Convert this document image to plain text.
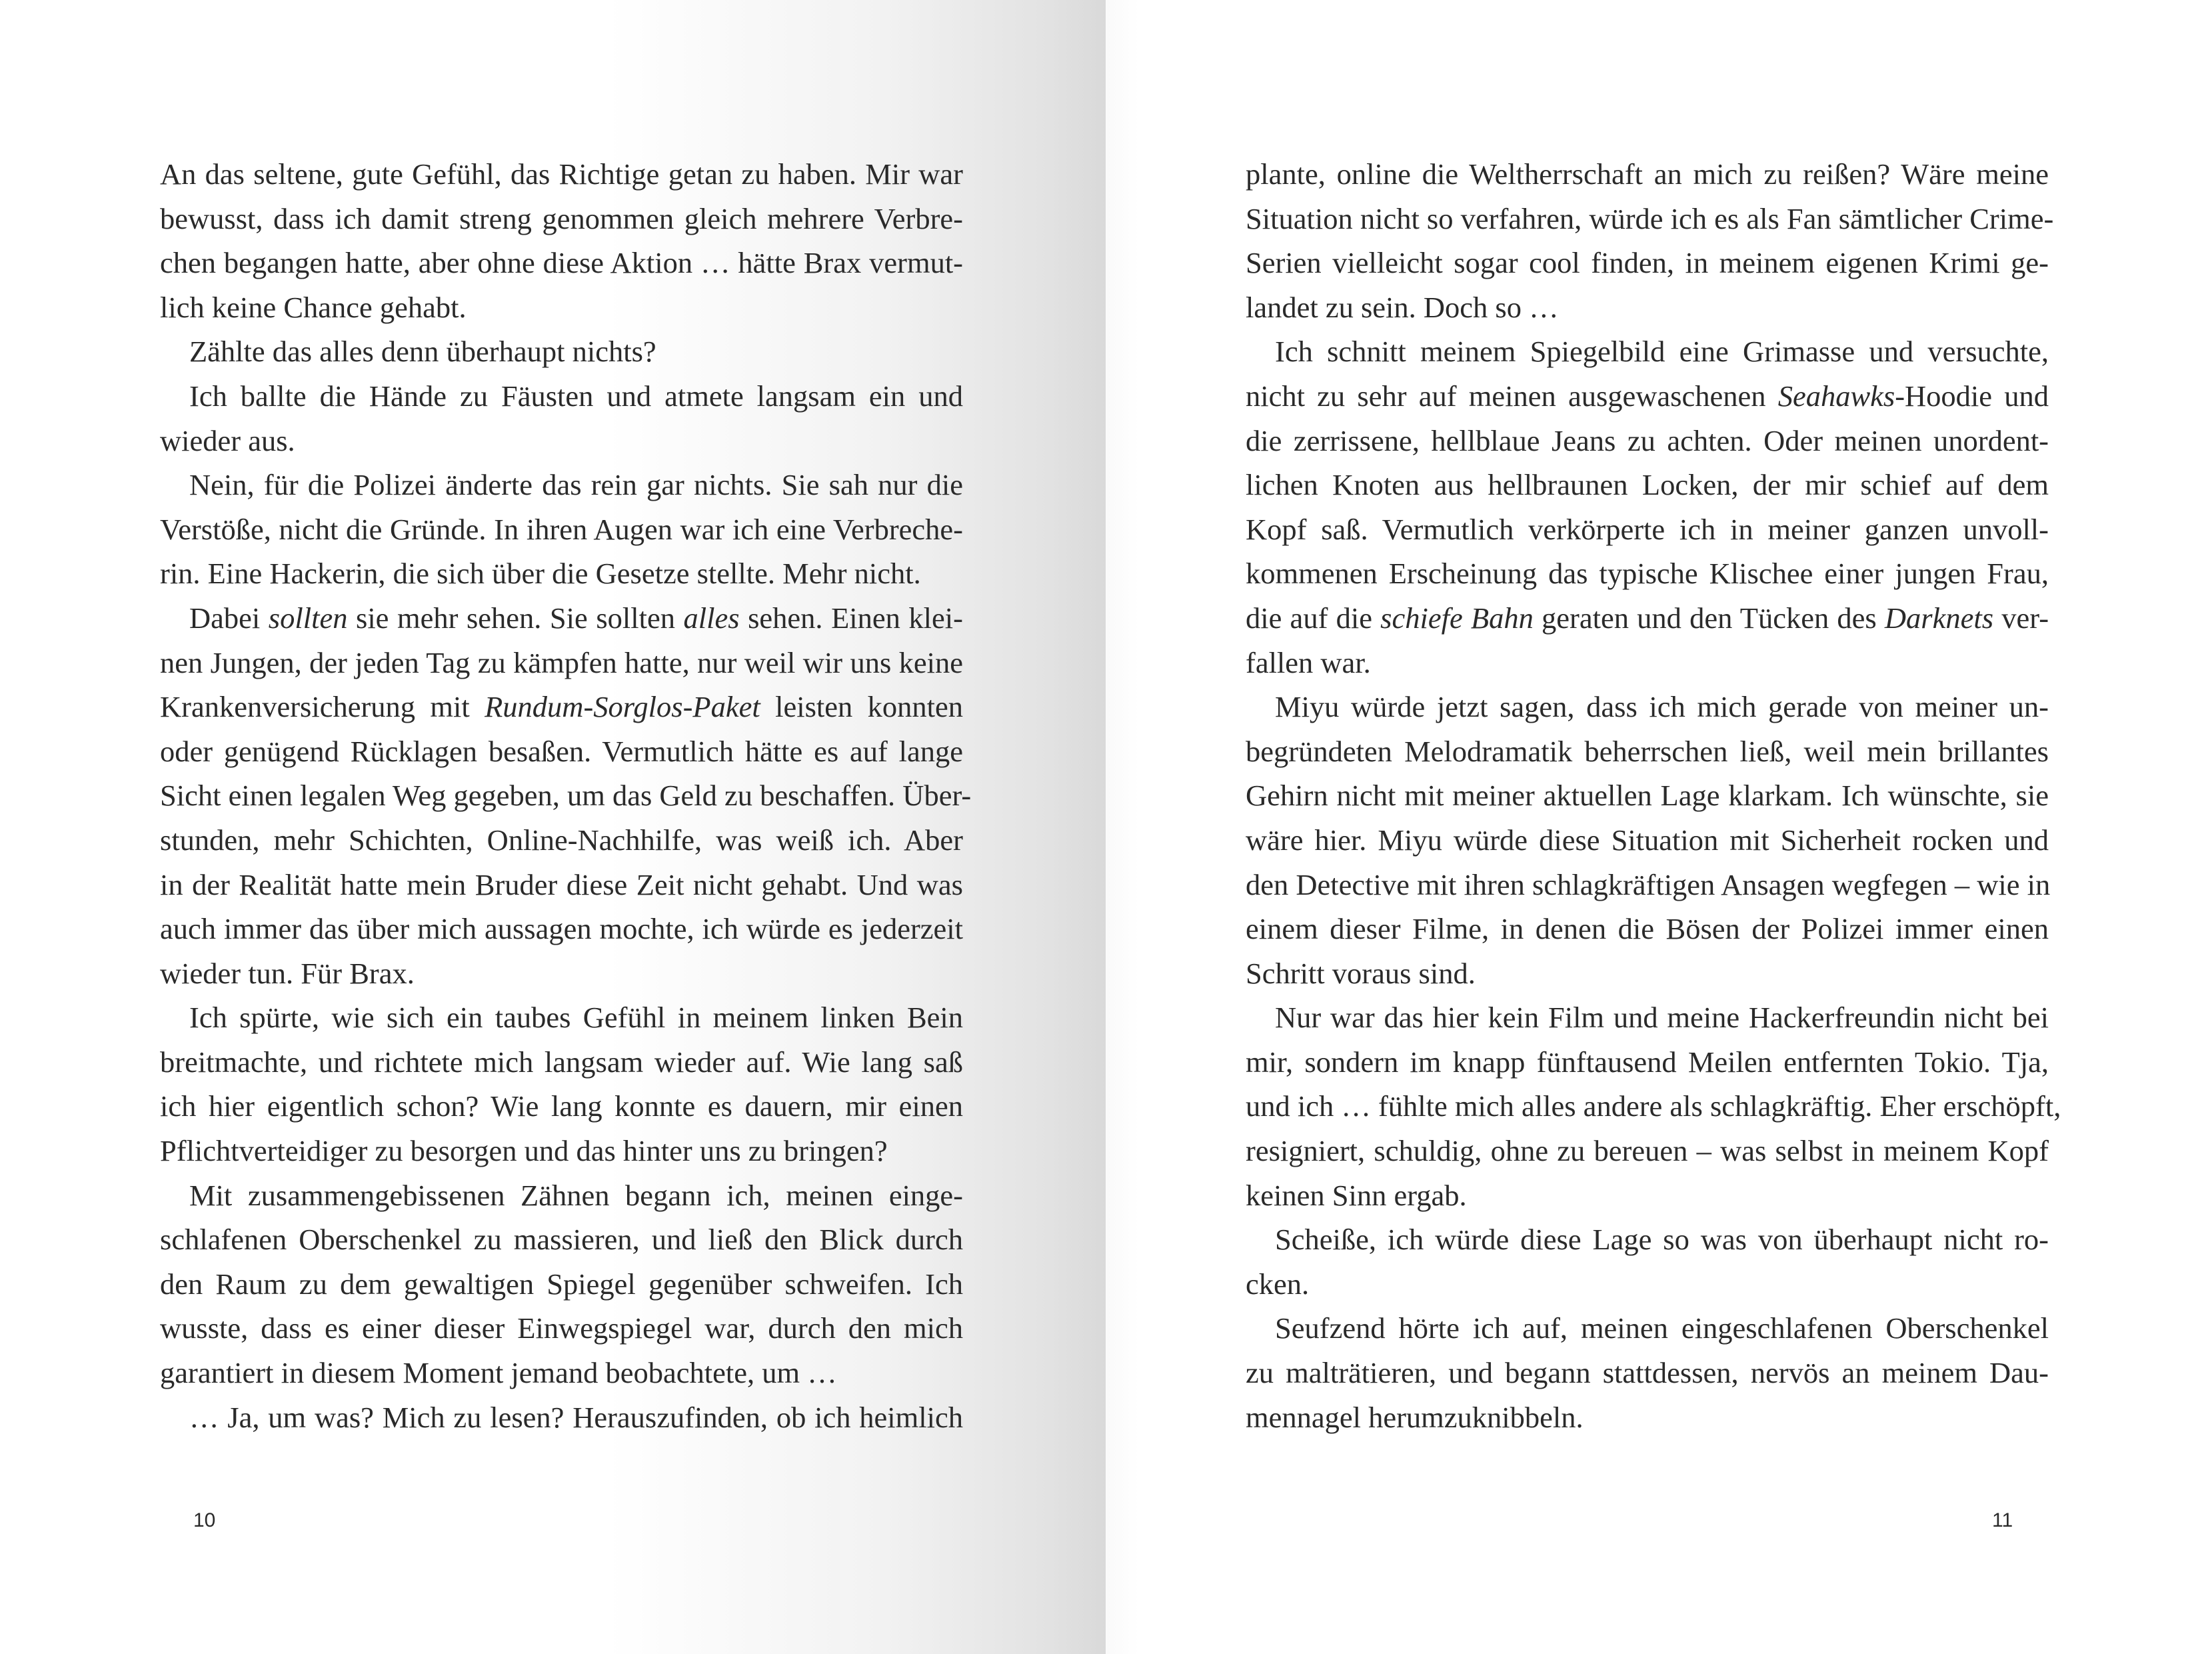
An das seltene, gute Gefühl, das Richtige getan zu haben. Mir war
bewusst, dass ich damit streng genommen gleich mehrere Verbre-
chen begangen hatte, aber ohne diese Aktion … hätte Brax vermut-
lich keine Chance gehabt.
Zählte das alles denn überhaupt nichts?
Ich ballte die Hände zu Fäusten und atmete langsam ein und
wieder aus.
Nein, für die Polizei änderte das rein gar nichts. Sie sah nur die
Verstöße, nicht die Gründe. In ihren Augen war ich eine Verbreche-
rin. Eine Hackerin, die sich über die Gesetze stellte. Mehr nicht.
Dabei sollten sie mehr sehen. Sie sollten alles sehen. Einen klei-
nen Jungen, der jeden Tag zu kämpfen hatte, nur weil wir uns keine
Krankenversicherung mit Rundum-Sorglos-Paket leisten konnten
oder genügend Rücklagen besaßen. Vermutlich hätte es auf lange
Sicht einen legalen Weg gegeben, um das Geld zu beschaffen. Über-
stunden, mehr Schichten, Online-Nachhilfe, was weiß ich. Aber
in der Realität hatte mein Bruder diese Zeit nicht gehabt. Und was
auch immer das über mich aussagen mochte, ich würde es jederzeit
wieder tun. Für Brax.
Ich spürte, wie sich ein taubes Gefühl in meinem linken Bein
breitmachte, und richtete mich langsam wieder auf. Wie lang saß
ich hier eigentlich schon? Wie lang konnte es dauern, mir einen
Pflichtverteidiger zu besorgen und das hinter uns zu bringen?
Mit zusammengebissenen Zähnen begann ich, meinen einge-
schlafenen Oberschenkel zu massieren, und ließ den Blick durch
den Raum zu dem gewaltigen Spiegel gegenüber schweifen. Ich
wusste, dass es einer dieser Einwegspiegel war, durch den mich
garantiert in diesem Moment jemand beobachtete, um …
… Ja, um was? Mich zu lesen? Herauszufinden, ob ich heimlich
10
plante, online die Weltherrschaft an mich zu reißen? Wäre meine
Situation nicht so verfahren, würde ich es als Fan sämtlicher Crime-
Serien vielleicht sogar cool finden, in meinem eigenen Krimi ge-
landet zu sein. Doch so …
Ich schnitt meinem Spiegelbild eine Grimasse und versuchte,
nicht zu sehr auf meinen ausgewaschenen Seahawks-Hoodie und
die zerrissene, hellblaue Jeans zu achten. Oder meinen unordent-
lichen Knoten aus hellbraunen Locken, der mir schief auf dem
Kopf saß. Vermutlich verkörperte ich in meiner ganzen unvoll-
kommenen Erscheinung das typische Klischee einer jungen Frau,
die auf die schiefe Bahn geraten und den Tücken des Darknets ver-
fallen war.
Miyu würde jetzt sagen, dass ich mich gerade von meiner un-
begründeten Melodramatik beherrschen ließ, weil mein brillantes
Gehirn nicht mit meiner aktuellen Lage klarkam. Ich wünschte, sie
wäre hier. Miyu würde diese Situation mit Sicherheit rocken und
den Detective mit ihren schlagkräftigen Ansagen wegfegen – wie in
einem dieser Filme, in denen die Bösen der Polizei immer einen
Schritt voraus sind.
Nur war das hier kein Film und meine Hackerfreundin nicht bei
mir, sondern im knapp fünftausend Meilen entfernten Tokio. Tja,
und ich … fühlte mich alles andere als schlagkräftig. Eher erschöpft,
resigniert, schuldig, ohne zu bereuen – was selbst in meinem Kopf
keinen Sinn ergab.
Scheiße, ich würde diese Lage so was von überhaupt nicht ro-
cken.
Seufzend hörte ich auf, meinen eingeschlafenen Oberschenkel
zu malträtieren, und begann stattdessen, nervös an meinem Dau-
mennagel herumzuknibbeln.
11
